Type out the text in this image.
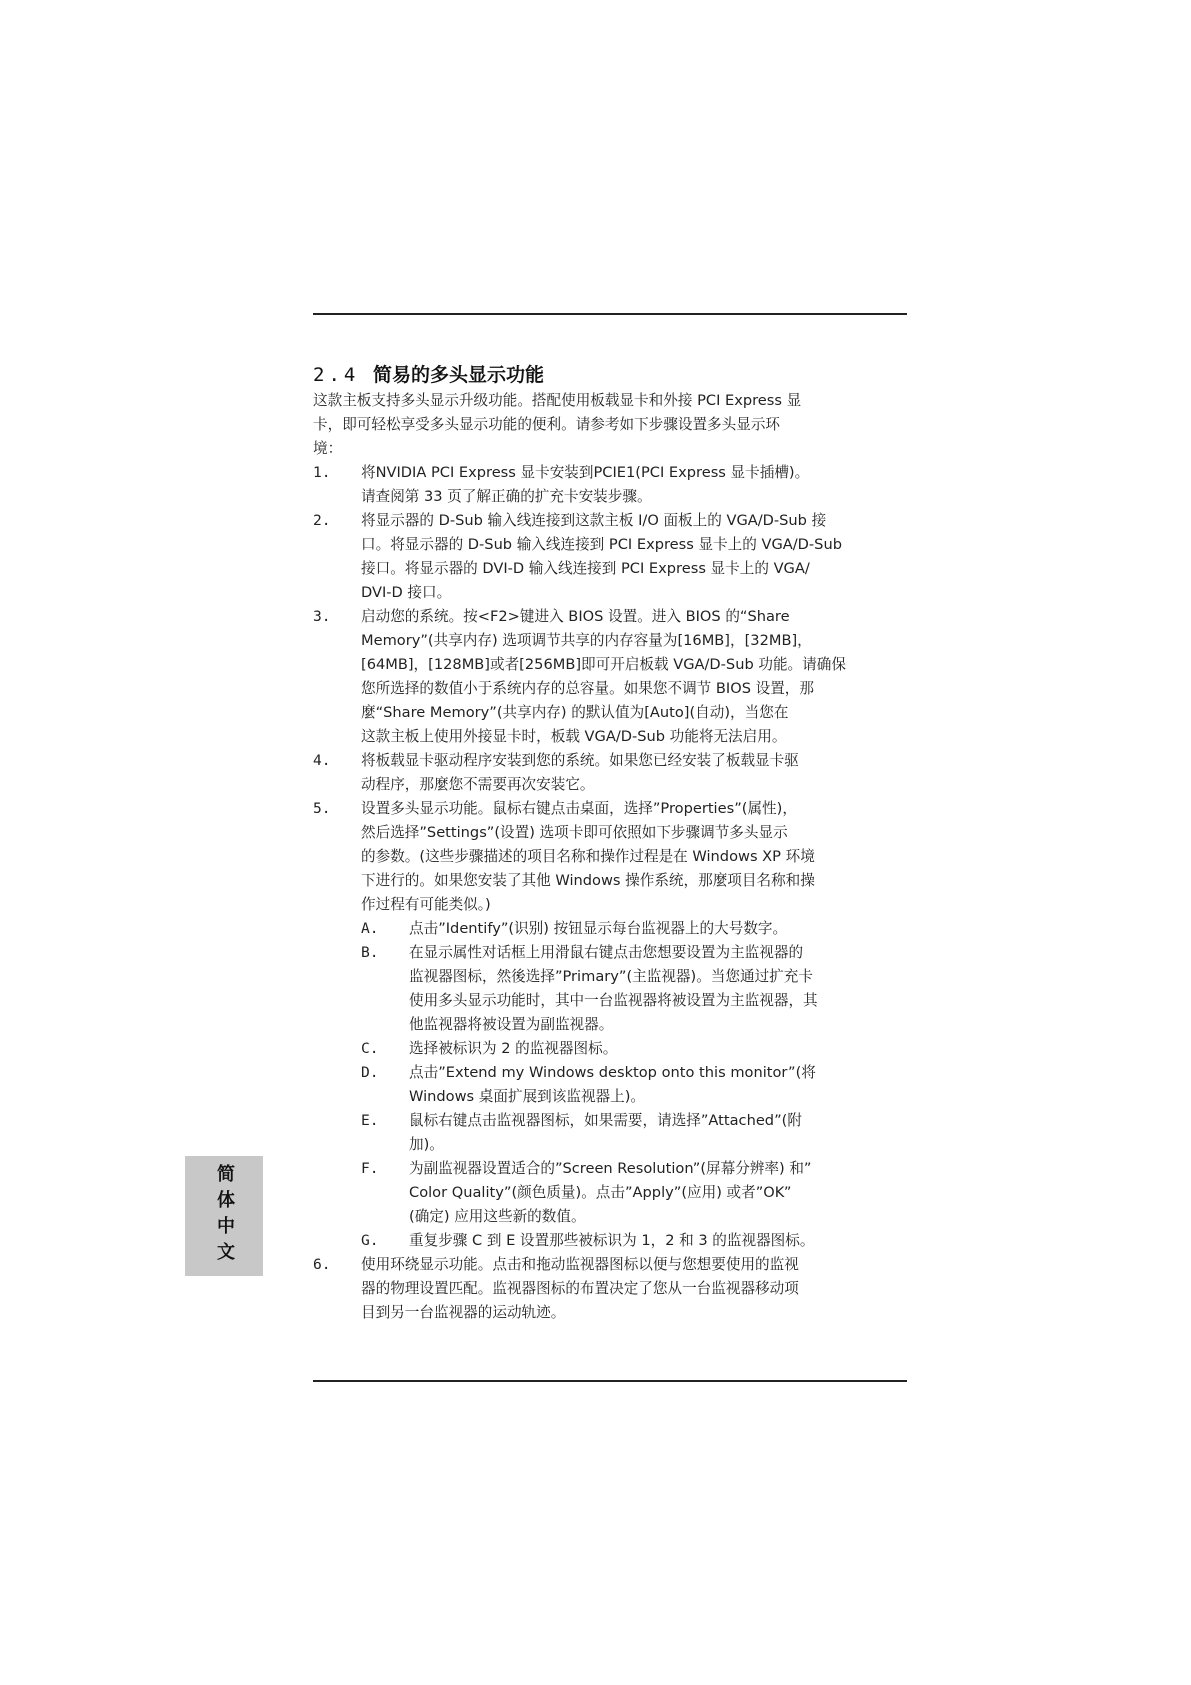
2.4 简易的多头显示功能
这款主板支持多头显示升级功能。搭配使用板载显卡和外接 PCI Express 显
卡，即可轻松享受多头显示功能的便利。请参考如下步骤设置多头显示环
境：
1.	将NVIDIA PCI Express 显卡安装到PCIE1(PCI Express 显卡插槽)。
请查阅第 33 页了解正确的扩充卡安装步骤。
2.	将显示器的 D-Sub 输入线连接到这款主板 I/O 面板上的 VGA/D-Sub 接
口。将显示器的 D-Sub 输入线连接到 PCI Express 显卡上的 VGA/D-Sub
接口。将显示器的 DVI-D 输入线连接到 PCI Express 显卡上的 VGA/
DVI-D 接口。
3.	启动您的系统。按<F2>键进入 BIOS 设置。进入 BIOS 的“Share
Memory”(共享内存) 选项调节共享的内存容量为[16MB]，[32MB]，
[64MB]，[128MB]或者[256MB]即可开启板载 VGA/D-Sub 功能。请确保
您所选择的数值小于系统内存的总容量。如果您不调节 BIOS 设置，那
麼“Share Memory”(共享内存) 的默认值为[Auto](自动)，当您在
这款主板上使用外接显卡时，板载 VGA/D-Sub 功能将无法启用。
4.	将板载显卡驱动程序安装到您的系统。如果您已经安装了板载显卡驱
动程序，那麼您不需要再次安装它。
5.	设置多头显示功能。鼠标右键点击桌面，选择”Properties”(属性)，
然后选择”Settings”(设置) 选项卡即可依照如下步骤调节多头显示
的参数。(这些步骤描述的项目名称和操作过程是在 Windows XP 环境
下进行的。如果您安装了其他 Windows 操作系统，那麼项目名称和操
作过程有可能类似。)
A.	点击”Identify”(识别) 按钮显示每台监视器上的大号数字。
B.	在显示属性对话框上用滑鼠右键点击您想要设置为主监视器的
监视器图标，然後选择”Primary”(主监视器)。当您通过扩充卡
使用多头显示功能时，其中一台监视器将被设置为主监视器，其
他监视器将被设置为副监视器。
C.	选择被标识为 2 的监视器图标。
D.	点击”Extend my Windows desktop onto this monitor”(将
Windows 桌面扩展到该监视器上)。
E.	鼠标右键点击监视器图标，如果需要，请选择”Attached”(附
加)。
F.	为副监视器设置适合的”Screen Resolution”(屏幕分辨率) 和”
Color Quality”(颜色质量)。点击”Apply”(应用) 或者”OK”
(确定) 应用这些新的数值。
G.	重复步骤 C 到 E 设置那些被标识为 1，2 和 3 的监视器图标。
6.	使用环绕显示功能。点击和拖动监视器图标以便与您想要使用的监视
器的物理设置匹配。监视器图标的布置决定了您从一台监视器移动项
目到另一台监视器的运动轨迹。
简体中文
